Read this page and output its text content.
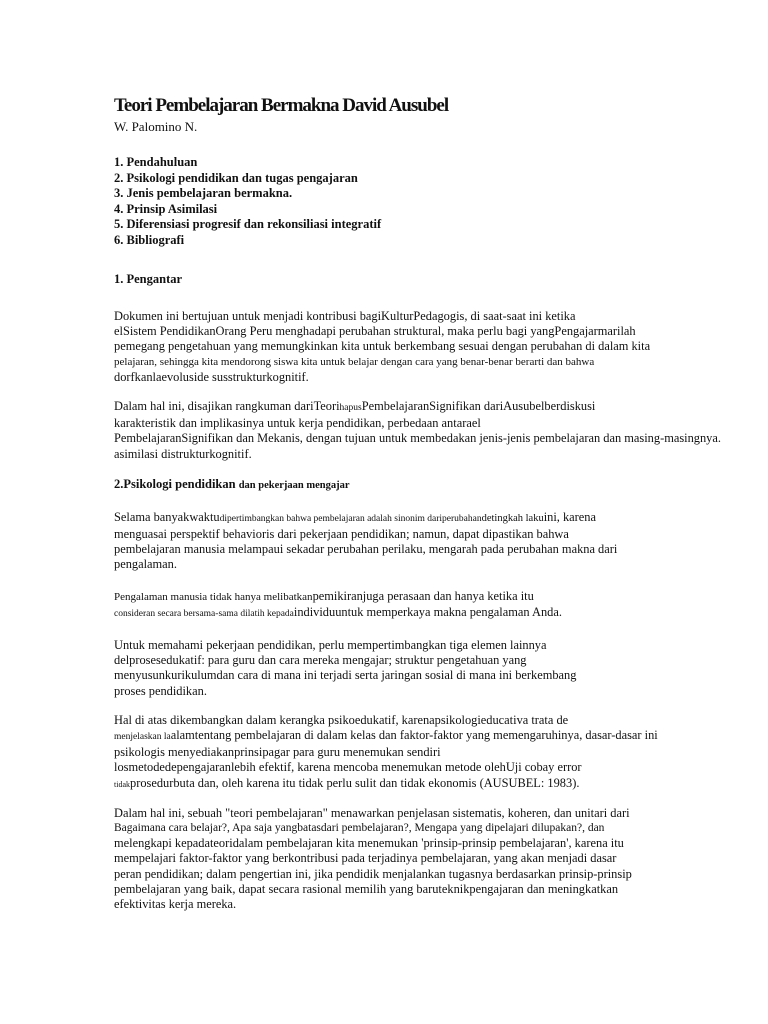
Teori Pembelajaran Bermakna David Ausubel

W. Palomino N.

1. Pendahuluan
2. Psikologi pendidikan dan tugas pengajaran
3. Jenis pembelajaran bermakna.
4. Prinsip Asimilasi
5. Diferensiasi progresif dan rekonsiliasi integratif
6. Bibliografi
1. Pengantar

Dokumen ini bertujuan untuk menjadi kontribusi bagiKulturPedagogis, di saat-saat ini ketika
elSistem PendidikanOrang Peru menghadapi perubahan struktural, maka perlu bagi yangPengajarmarilah
pemegang pengetahuan yang memungkinkan kita untuk berkembang sesuai dengan perubahan di dalam kita
pelajaran, sehingga kita mendorong siswa kita untuk belajar dengan cara yang benar-benar berarti dan bahwa
dorfkanlaevoluside susstrukturkognitif.

Dalam hal ini, disajikan rangkuman dariTeorihapusPembelajaranSignifikan dariAusubelberdiskusi
karakteristik dan implikasinya untuk kerja pendidikan, perbedaan antarael
PembelajaranSignifikan dan Mekanis, dengan tujuan untuk membedakan jenis-jenis pembelajaran dan masing-masingnya.
asimilasi distrukturkognitif.

2.Psikologi pendidikan dan pekerjaan mengajar

Selama banyakwaktudipertimbangkan bahwa pembelajaran adalah sinonim dariperubahandetingkah lakuini, karena
menguasai perspektif behavioris dari pekerjaan pendidikan; namun, dapat dipastikan bahwa
pembelajaran manusia melampaui sekadar perubahan perilaku, mengarah pada perubahan makna dari
pengalaman.

Pengalaman manusia tidak hanya melibatkanpemikiranjuga perasaan dan hanya ketika itu
consideran secara bersama-sama dilatih kepadaindividuuntuk memperkaya makna pengalaman Anda.

Untuk memahami pekerjaan pendidikan, perlu mempertimbangkan tiga elemen lainnya
delprosesedukatif: para guru dan cara mereka mengajar; struktur pengetahuan yang
menyusunkurikulumdan cara di mana ini terjadi serta jaringan sosial di mana ini berkembang
proses pendidikan.

Hal di atas dikembangkan dalam kerangka psikoedukatif, karenapsikologieducativa trata de
menjelaskan laalamtentang pembelajaran di dalam kelas dan faktor-faktor yang memengaruhinya, dasar-dasar ini
psikologis menyediakanprinsipagar para guru menemukan sendiri
losmetodedepengajaranlebih efektif, karena mencoba menemukan metode olehUji cobay error
tidakprosedurbuta dan, oleh karena itu tidak perlu sulit dan tidak ekonomis (AUSUBEL: 1983).

Dalam hal ini, sebuah "teori pembelajaran" menawarkan penjelasan sistematis, koheren, dan unitari dari
Bagaimana cara belajar?, Apa saja yangbatasdari pembelajaran?, Mengapa yang dipelajari dilupakan?, dan
melengkapi kepadateoridalam pembelajaran kita menemukan 'prinsip-prinsip pembelajaran', karena itu
mempelajari faktor-faktor yang berkontribusi pada terjadinya pembelajaran, yang akan menjadi dasar
peran pendidikan; dalam pengertian ini, jika pendidik menjalankan tugasnya berdasarkan prinsip-prinsip
pembelajaran yang baik, dapat secara rasional memilih yang baruteknikpengajaran dan meningkatkan
efektivitas kerja mereka.
